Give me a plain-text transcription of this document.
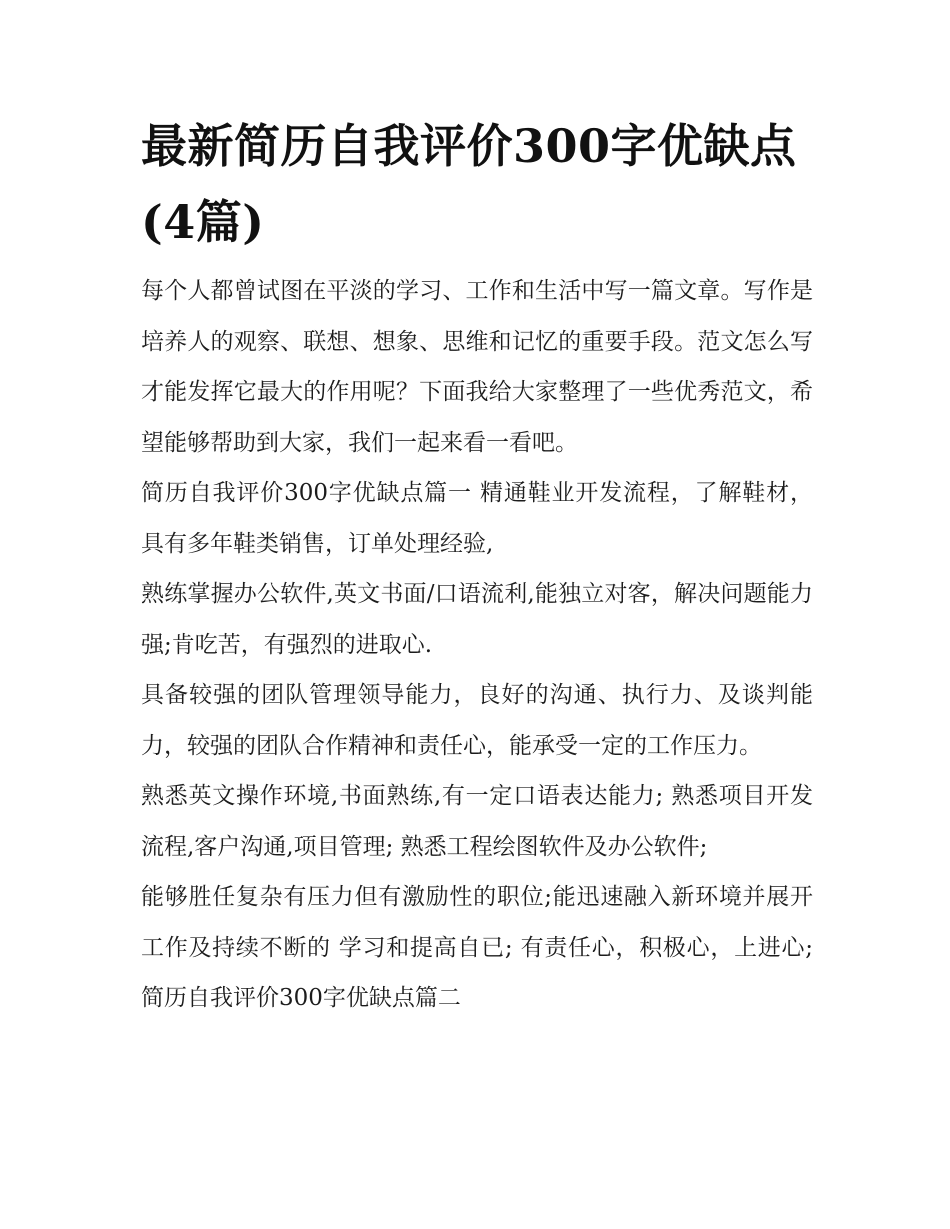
最新简历自我评价300字优缺点(4篇)

每个人都曾试图在平淡的学习、工作和生活中写一篇文章。写作是培养人的观察、联想、想象、思维和记忆的重要手段。范文怎么写才能发挥它最大的作用呢？下面我给大家整理了一些优秀范文，希望能够帮助到大家，我们一起来看一看吧。

简历自我评价300字优缺点篇一 精通鞋业开发流程，了解鞋材，具有多年鞋类销售，订单处理经验,

熟练掌握办公软件,英文书面/口语流利,能独立对客，解决问题能力强;肯吃苦，有强烈的进取心.

具备较强的团队管理领导能力，良好的沟通、执行力、及谈判能力，较强的团队合作精神和责任心，能承受一定的工作压力。

熟悉英文操作环境,书面熟练,有一定口语表达能力; 熟悉项目开发流程,客户沟通,项目管理; 熟悉工程绘图软件及办公软件;

能够胜任复杂有压力但有激励性的职位;能迅速融入新环境并展开工作及持续不断的 学习和提高自已; 有责任心，积极心，上进心; 简历自我评价300字优缺点篇二
